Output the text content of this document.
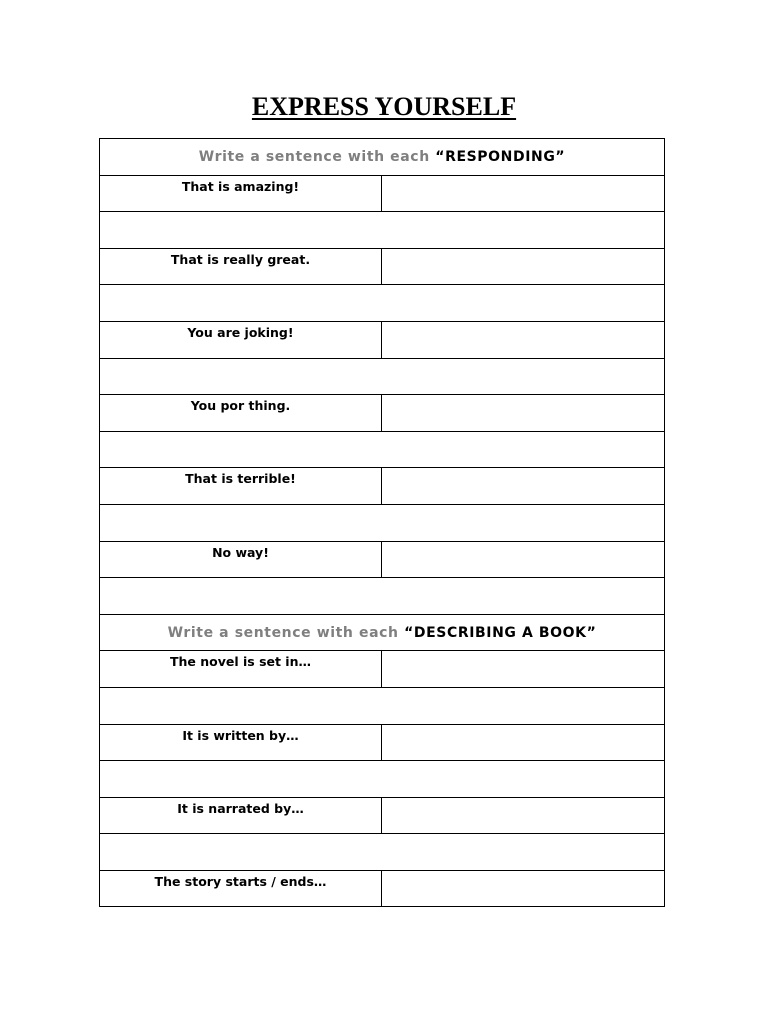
EXPRESS YOURSELF
Write a sentence with each “RESPONDING”	
That is amazing!	

That is really great.	

You are joking!	

You por thing.	

That is terrible!	

No way!	

Write a sentence with each “DESCRIBING A BOOK”	
The novel is set in…	

It is written by…	

It is narrated by…	

The story starts / ends…	
